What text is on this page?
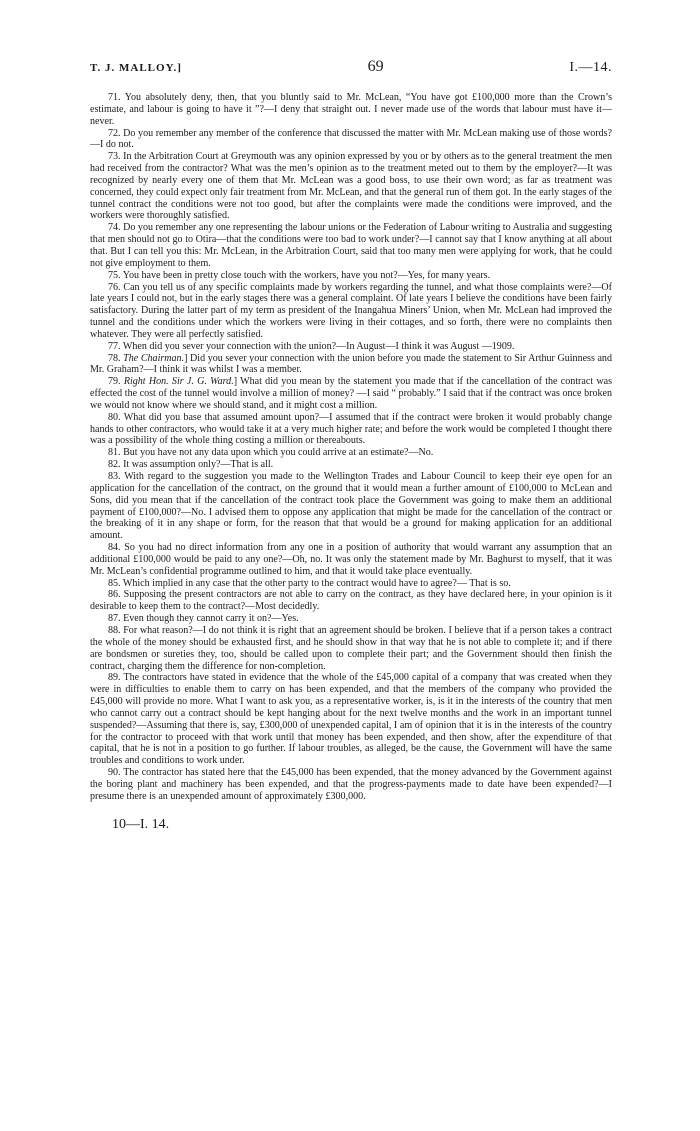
T. J. MALLOY.]	69	I.—14.

71. You absolutely deny, then, that you bluntly said to Mr. McLean, “You have got £100,000 more than the Crown’s estimate, and labour is going to have it ”?—I deny that straight out. I never made use of the words that labour must have it—never.

72. Do you remember any member of the conference that discussed the matter with Mr. McLean making use of those words?—I do not.

73. In the Arbitration Court at Greymouth was any opinion expressed by you or by others as to the general treatment the men had received from the contractor? What was the men’s opinion as to the treatment meted out to them by the employer?—It was recognized by nearly every one of them that Mr. McLean was a good boss, to use their own word; as far as treatment was concerned, they could expect only fair treatment from Mr. McLean, and that the general run of them got. In the early stages of the tunnel contract the conditions were not too good, but after the complaints were made the conditions were improved, and the workers were thoroughly satisfied.

74. Do you remember any one representing the labour unions or the Federation of Labour writing to Australia and suggesting that men should not go to Otira—that the conditions were too bad to work under?—I cannot say that I know anything at all about that. But I can tell you this: Mr. McLean, in the Arbitration Court, said that too many men were applying for work, that he could not give employment to them.

75. You have been in pretty close touch with the workers, have you not?—Yes, for many years.

76. Can you tell us of any specific complaints made by workers regarding the tunnel, and what those complaints were?—Of late years I could not, but in the early stages there was a general complaint. Of late years I believe the conditions have been fairly satisfactory. During the latter part of my term as president of the Inangahua Miners’ Union, when Mr. McLean had improved the tunnel and the conditions under which the workers were living in their cottages, and so forth, there were no complaints then whatever. They were all perfectly satisfied.

77. When did you sever your connection with the union?—In August—I think it was August —1909.

78. The Chairman.] Did you sever your connection with the union before you made the statement to Sir Arthur Guinness and Mr. Graham?—I think it was whilst I was a member.

79. Right Hon. Sir J. G. Ward.] What did you mean by the statement you made that if the cancellation of the contract was effected the cost of the tunnel would involve a million of money? —I said “ probably.” I said that if the contract was once broken we would not know where we should stand, and it might cost a million.

80. What did you base that assumed amount upon?—I assumed that if the contract were broken it would probably change hands to other contractors, who would take it at a very much higher rate; and before the work would be completed I thought there was a possibility of the whole thing costing a million or thereabouts.

81. But you have not any data upon which you could arrive at an estimate?—No.

82. It was assumption only?—That is all.

83. With regard to the suggestion you made to the Wellington Trades and Labour Council to keep their eye open for an application for the cancellation of the contract, on the ground that it would mean a further amount of £100,000 to McLean and Sons, did you mean that if the cancellation of the contract took place the Government was going to make them an additional payment of £100,000?—No. I advised them to oppose any application that might be made for the cancellation of the contract or the breaking of it in any shape or form, for the reason that that would be a ground for making application for an additional amount.

84. So you had no direct information from any one in a position of authority that would warrant any assumption that an additional £100,000 would be paid to any one?—Oh, no. It was only the statement made by Mr. Baghurst to myself, that it was Mr. McLean’s confidential programme outlined to him, and that it would take place eventually.

85. Which implied in any case that the other party to the contract would have to agree?— That is so.

86. Supposing the present contractors are not able to carry on the contract, as they have declared here, in your opinion is it desirable to keep them to the contract?—Most decidedly.

87. Even though they cannot carry it on?—Yes.

88. For what reason?—I do not think it is right that an agreement should be broken. I believe that if a person takes a contract the whole of the money should be exhausted first, and he should show in that way that he is not able to complete it; and if there are bondsmen or sureties they, too, should be called upon to complete their part; and the Government should then finish the contract, charging them the difference for non-completion.

89. The contractors have stated in evidence that the whole of the £45,000 capital of a company that was created when they were in difficulties to enable them to carry on has been expended, and that the members of the company who provided the £45,000 will provide no more. What I want to ask you, as a representative worker, is, is it in the interests of the country that men who cannot carry out a contract should be kept hanging about for the next twelve months and the work in an important tunnel suspended?—Assuming that there is, say, £300,000 of unexpended capital, I am of opinion that it is in the interests of the country for the contractor to proceed with that work until that money has been expended, and then show, after the expenditure of that capital, that he is not in a position to go further. If labour troubles, as alleged, be the cause, the Government will have the same troubles and conditions to work under.

90. The contractor has stated here that the £45,000 has been expended, that the money advanced by the Government against the boring plant and machinery has been expended, and that the progress-payments made to date have been expended?—I presume there is an unexpended amount of approximately £300,000.

10—I. 14.
